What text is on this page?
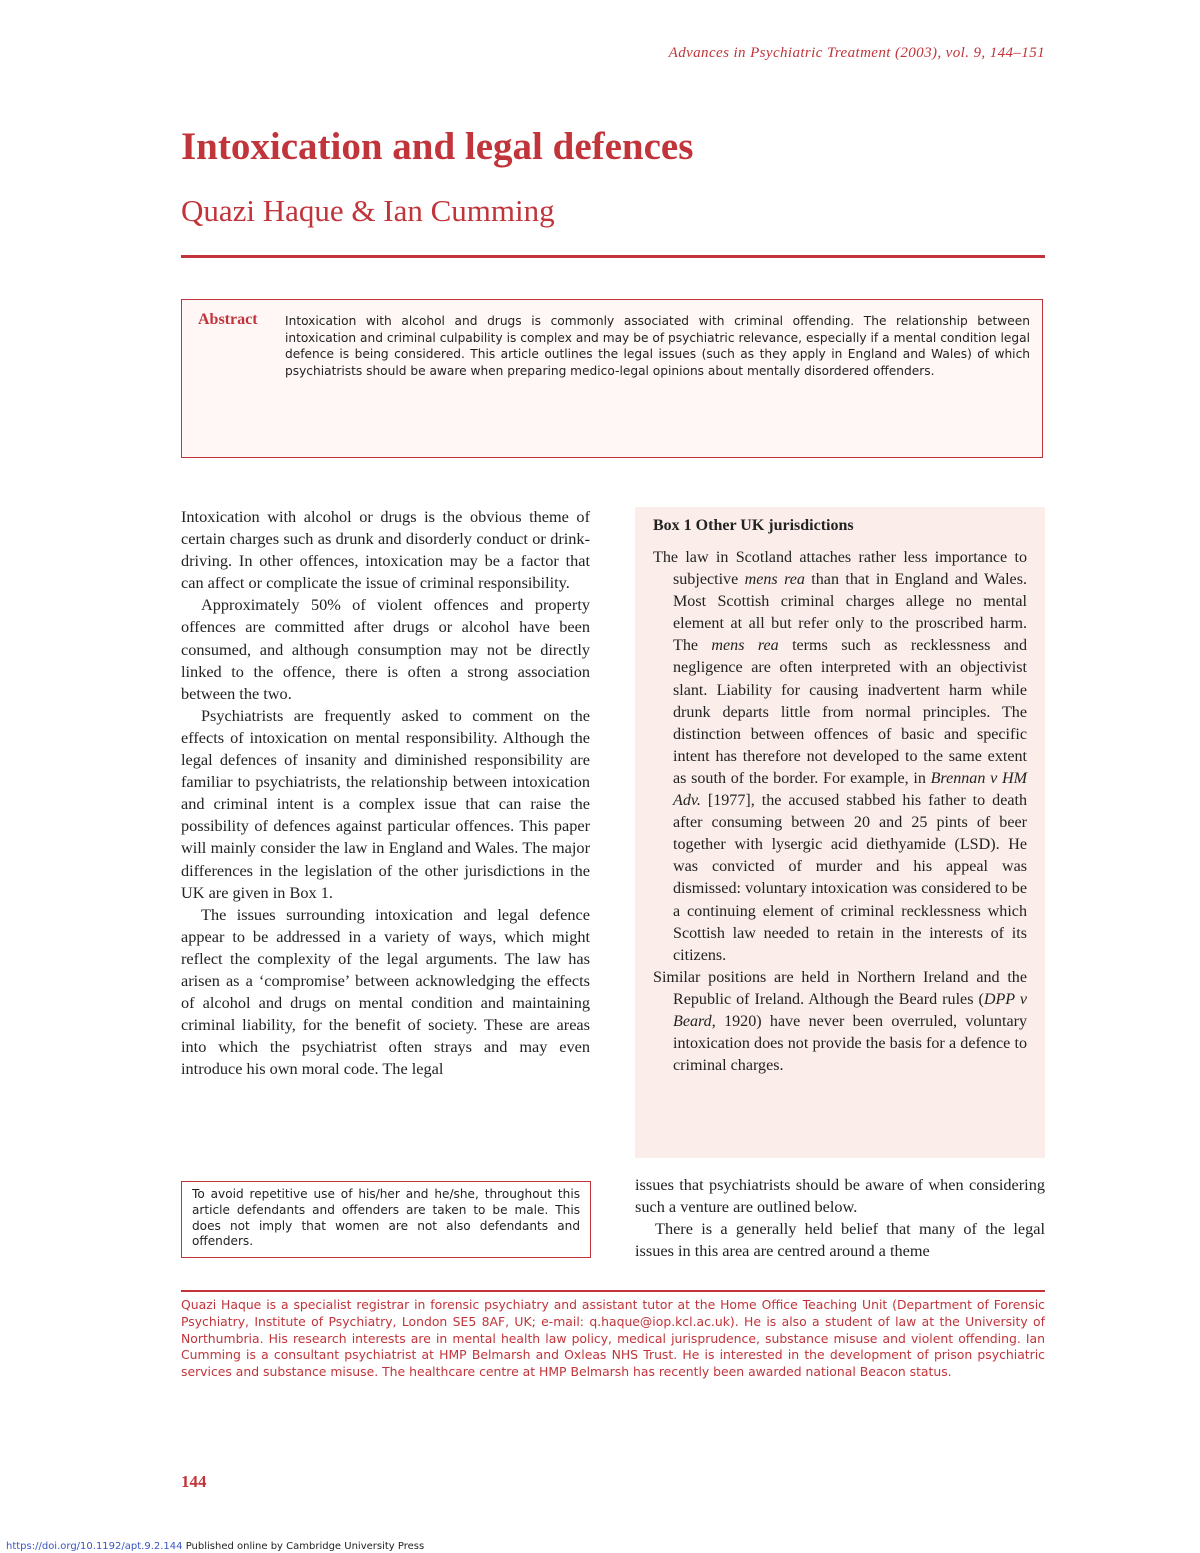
Advances in Psychiatric Treatment (2003), vol. 9, 144–151
Intoxication and legal defences
Quazi Haque & Ian Cumming
Abstract Intoxication with alcohol and drugs is commonly associated with criminal offending. The relationship between intoxication and criminal culpability is complex and may be of psychiatric relevance, especially if a mental condition legal defence is being considered. This article outlines the legal issues (such as they apply in England and Wales) of which psychiatrists should be aware when preparing medico-legal opinions about mentally disordered offenders.

Intoxication with alcohol or drugs is the obvious theme of certain charges such as drunk and disorderly conduct or drink-driving. In other offences, intoxication may be a factor that can affect or complicate the issue of criminal responsibility.

Approximately 50% of violent offences and property offences are committed after drugs or alcohol have been consumed, and although consumption may not be directly linked to the offence, there is often a strong association between the two.

Psychiatrists are frequently asked to comment on the effects of intoxication on mental responsibility. Although the legal defences of insanity and diminished responsibility are familiar to psychiatrists, the relationship between intoxication and criminal intent is a complex issue that can raise the possibility of defences against particular offences. This paper will mainly consider the law in England and Wales. The major differences in the legislation of the other jurisdictions in the UK are given in Box 1.

The issues surrounding intoxication and legal defence appear to be addressed in a variety of ways, which might reflect the complexity of the legal arguments. The law has arisen as a ‘compromise’ between acknowledging the effects of alcohol and drugs on mental condition and maintaining criminal liability, for the benefit of society. These are areas into which the psychiatrist often strays and may even introduce his own moral code. The legal

To avoid repetitive use of his/her and he/she, throughout this article defendants and offenders are taken to be male. This does not imply that women are not also defendants and offenders.
Box 1 Other UK jurisdictions

The law in Scotland attaches rather less importance to subjective mens rea than that in England and Wales. Most Scottish criminal charges allege no mental element at all but refer only to the proscribed harm. The mens rea terms such as recklessness and negligence are often interpreted with an objectivist slant. Liability for causing inadvertent harm while drunk departs little from normal principles. The distinction between offences of basic and specific intent has therefore not developed to the same extent as south of the border. For example, in Brennan v HM Adv. [1977], the accused stabbed his father to death after consuming between 20 and 25 pints of beer together with lysergic acid diethyamide (LSD). He was convicted of murder and his appeal was dismissed: voluntary intoxication was considered to be a continuing element of criminal recklessness which Scottish law needed to retain in the interests of its citizens.

Similar positions are held in Northern Ireland and the Republic of Ireland. Although the Beard rules (DPP v Beard, 1920) have never been overruled, voluntary intoxication does not provide the basis for a defence to criminal charges.

issues that psychiatrists should be aware of when considering such a venture are outlined below.

There is a generally held belief that many of the legal issues in this area are centred around a theme

Quazi Haque is a specialist registrar in forensic psychiatry and assistant tutor at the Home Office Teaching Unit (Department of Forensic Psychiatry, Institute of Psychiatry, London SE5 8AF, UK; e-mail: q.haque@iop.kcl.ac.uk). He is also a student of law at the University of Northumbria. His research interests are in mental health law policy, medical jurisprudence, substance misuse and violent offending. Ian Cumming is a consultant psychiatrist at HMP Belmarsh and Oxleas NHS Trust. He is interested in the development of prison psychiatric services and substance misuse. The healthcare centre at HMP Belmarsh has recently been awarded national Beacon status.
144
https://doi.org/10.1192/apt.9.2.144 Published online by Cambridge University Press
